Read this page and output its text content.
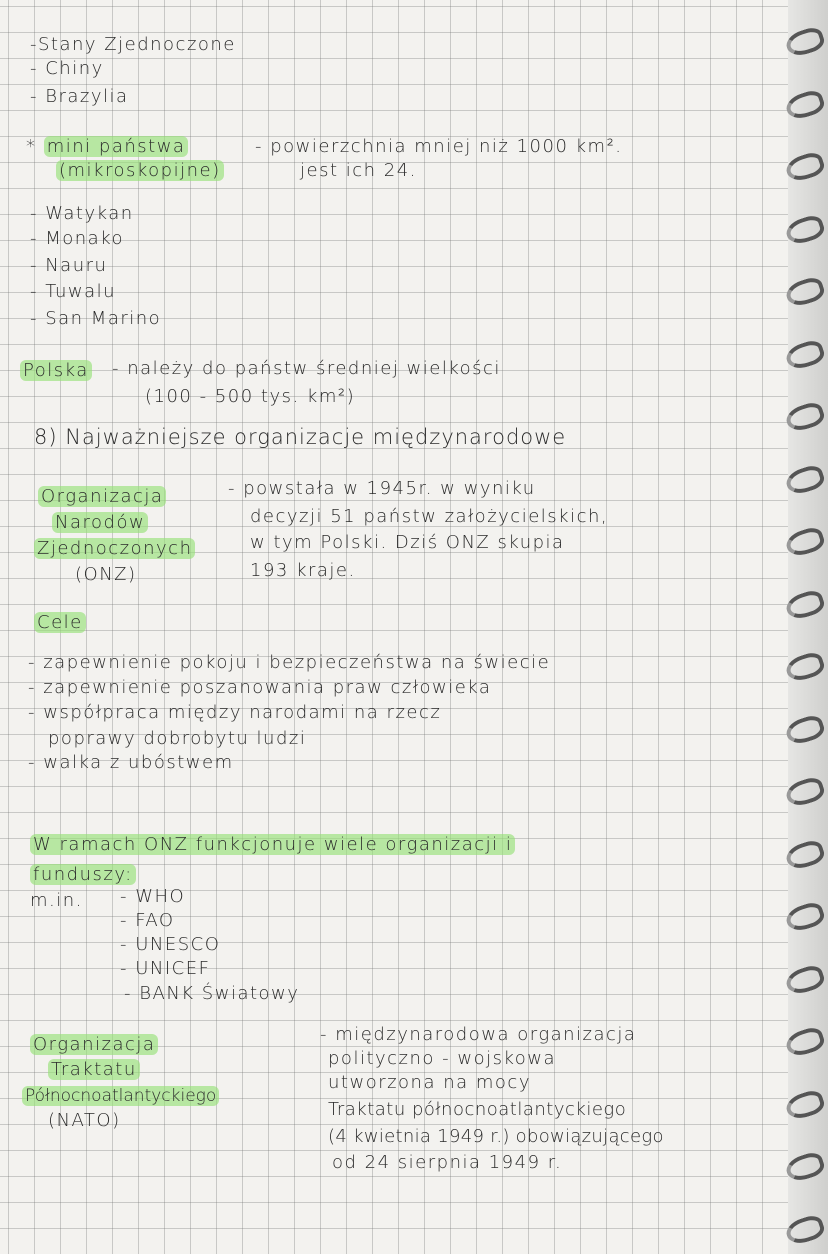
-Stany Zjednoczone
- Chiny
- Brazylia
* mini państwa
(mikroskopijne)
- powierzchnia mniej niż 1000 km².
jest ich 24.
- Watykan
- Monako
- Nauru
- Tuwalu
- San Marino
Polska - należy do państw średniej wielkości
(100 - 500 tys. km²)
8) Najważniejsze organizacje międzynarodowe
Organizacja
Narodów
Zjednoczonych
(ONZ)
- powstała w 1945r. w wyniku
decyzji 51 państw założycielskich,
w tym Polski. Dziś ONZ skupia
193 kraje.
Cele
- zapewnienie pokoju i bezpieczeństwa na świecie
- zapewnienie poszanowania praw człowieka
- współpraca między narodami na rzecz
poprawy dobrobytu ludzi
- walka z ubóstwem
W ramach ONZ funkcjonuje wiele organizacji i
funduszy:
m.in. - WHO
- FAO
- UNESCO
- UNICEF
- BANK Światowy
Organizacja
Traktatu
Północnoatlantyckiego
(NATO)
- międzynarodowa organizacja
polityczno - wojskowa
utworzona na mocy
Traktatu północnoatlantyckiego
(4 kwietnia 1949 r.) obowiązującego
od 24 sierpnia 1949 r.
